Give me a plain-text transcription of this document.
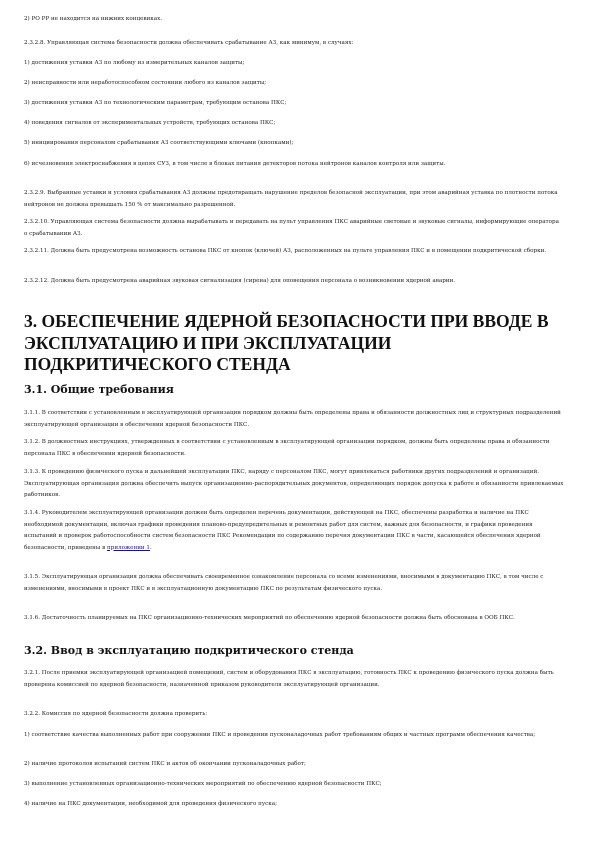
2) РО РР не находится на нижних концевиках.

2.3.2.8. Управляющая система безопасности должна обеспечивать срабатывание АЗ, как минимум, в случаях:

1) достижения уставки АЗ по любому из измерительных каналов защиты;

2) неисправности или неработоспособном состоянии любого из каналов защиты;

3) достижения уставки АЗ по технологическим параметрам, требующим останова ПКС;

4) поведения сигналов от экспериментальных устройств, требующих останова ПКС;

5) инициирования персоналом срабатывания АЗ соответствующими ключами (кнопками);

6) исчезновения электроснабжения в цепях СУЗ, в том числе в блоках питания детекторов потока нейтронов каналов контроля или защиты.

2.3.2.9. Выбранные уставки и условия срабатывания АЗ должны предотвращать нарушение пределов безопасной эксплуатации, при этом аварийная уставка по плотности потока нейтронов не должна превышать 150 % от максимально разрешенной.

2.3.2.10. Управляющая система безопасности должна вырабатывать и передавать на пульт управления ПКС аварийные световые и звуковые сигналы, информирующие оператора о срабатывании АЗ.

2.3.2.11. Должна быть предусмотрена возможность останова ПКС от кнопок (ключей) АЗ, расположенных на пульте управления ПКС и в помещении подкритической сборки.

2.3.2.12. Должна быть предусмотрена аварийная звуковая сигнализация (сирена) для оповещения персонала о возникновении ядерной аварии.

3. ОБЕСПЕЧЕНИЕ ЯДЕРНОЙ БЕЗОПАСНОСТИ ПРИ ВВОДЕ В
ЭКСПЛУАТАЦИЮ И ПРИ ЭКСПЛУАТАЦИИ
ПОДКРИТИЧЕСКОГО СТЕНДА
3.1. Общие требования

3.1.1. В соответствии с установленным в эксплуатирующей организации порядком должны быть определены права и обязанности должностных лиц и структурных подразделений эксплуатирующей организации в обеспечении ядерной безопасности ПКС.

3.1.2. В должностных инструкциях, утвержденных в соответствии с установленным в эксплуатирующей организации порядком, должны быть определены права и обязанности персонала ПКС в обеспечении ядерной безопасности.

3.1.3. К проведению физического пуска и дальнейшей эксплуатации ПКС, наряду с персоналом ПКС, могут привлекаться работники других подразделений и организаций. Эксплуатирующая организация должна обеспечить выпуск организационно-распорядительных документов, определяющих порядок допуска к работе и обязанности привлекаемых работников.

3.1.4. Руководителем эксплуатирующей организации должен быть определен перечень документации, действующей на ПКС, обеспечены разработка и наличие на ПКС необходимой документации, включая графики проведения планово-предупредительных и ремонтных работ для систем, важных для безопасности, и графики проведения испытаний и проверок работоспособности систем безопасности ПКС Рекомендации по содержанию перечня документации ПКС в части, касающейся обеспечения ядерной безопасности, приведены в приложении 1.

3.1.5. Эксплуатирующая организация должна обеспечивать своевременное ознакомление персонала со всеми изменениями, вносимыми в документацию ПКС, в том числе с изменениями, вносимыми в проект ПКС и в эксплуатационную документацию ПКС по результатам физического пуска.

3.1.6. Достаточность планируемых на ПКС организационно-технических мероприятий по обеспечению ядерной безопасности должна быть обоснована в ООБ ПКС.

3.2. Ввод в эксплуатацию подкритического стенда

3.2.1. После приемки эксплуатирующей организацией помещений, систем и оборудования ПКС в эксплуатацию, готовность ПКС к проведению физического пуска должна быть проверена комиссией по ядерной безопасности, назначенной приказом руководителя эксплуатирующей организации.

3.2.2. Комиссия по ядерной безопасности должна проверить:

1) соответствие качества выполненных работ при сооружении ПКС и проведении пусконаладочных работ требованиям общих и частных программ обеспечения качества;

2) наличие протоколов испытаний систем ПКС и актов об окончании пусконаладочных работ;

3) выполнение установленных организационно-технических мероприятий по обеспечению ядерной безопасности ПКС;

4) наличие на ПКС документации, необходимой для проведения физического пуска;
